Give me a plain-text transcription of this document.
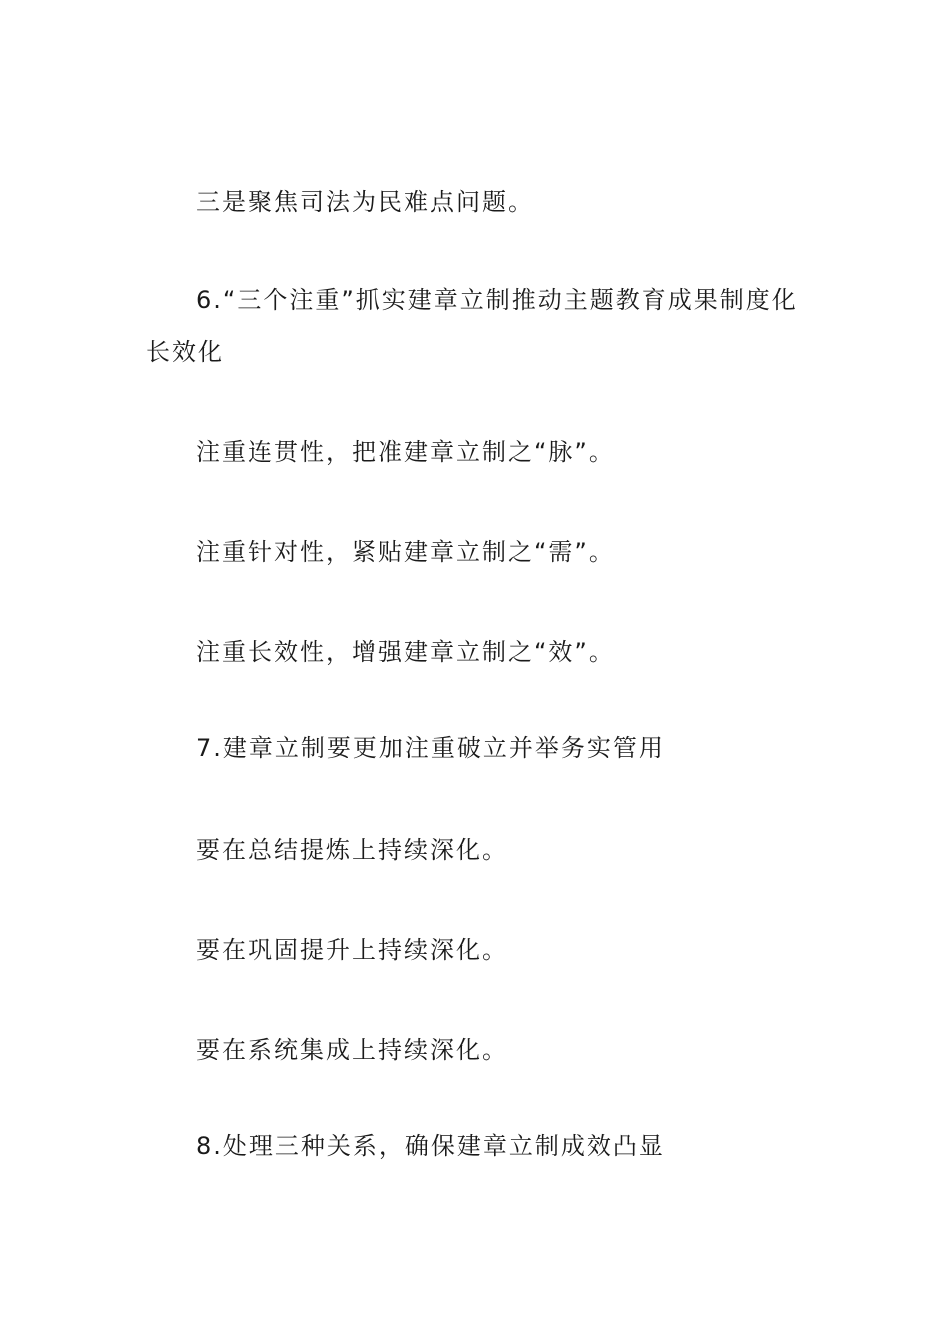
三是聚焦司法为民难点问题。
6.“三个注重”抓实建章立制推动主题教育成果制度化长效化
注重连贯性，把准建章立制之“脉”。
注重针对性，紧贴建章立制之“需”。
注重长效性，增强建章立制之“效”。
7.建章立制要更加注重破立并举务实管用
要在总结提炼上持续深化。
要在巩固提升上持续深化。
要在系统集成上持续深化。
8.处理三种关系，确保建章立制成效凸显
